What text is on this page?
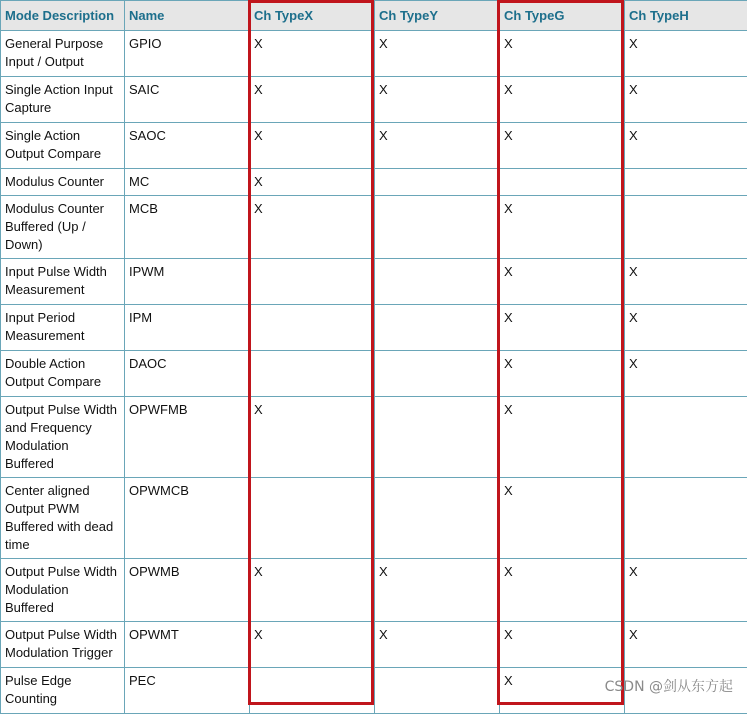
Mode Description	Name	Ch TypeX	Ch TypeY	Ch TypeG	Ch TypeH
General Purpose Input / Output	GPIO	X	X	X	X
Single Action Input Capture	SAIC	X	X	X	X
Single Action Output Compare	SAOC	X	X	X	X
Modulus Counter	MC	X			
Modulus Counter Buffered (Up / Down)	MCB	X		X	
Input Pulse Width Measurement	IPWM			X	X
Input Period Measurement	IPM			X	X
Double Action Output Compare	DAOC			X	X
Output Pulse Width and Frequency Modulation Buffered	OPWFMB	X		X	
Center aligned Output PWM Buffered with dead time	OPWMCB			X	
Output Pulse Width Modulation Buffered	OPWMB	X	X	X	X
Output Pulse Width Modulation Trigger	OPWMT	X	X	X	X
Pulse Edge Counting	PEC			X		CSDN @剑从东方起
